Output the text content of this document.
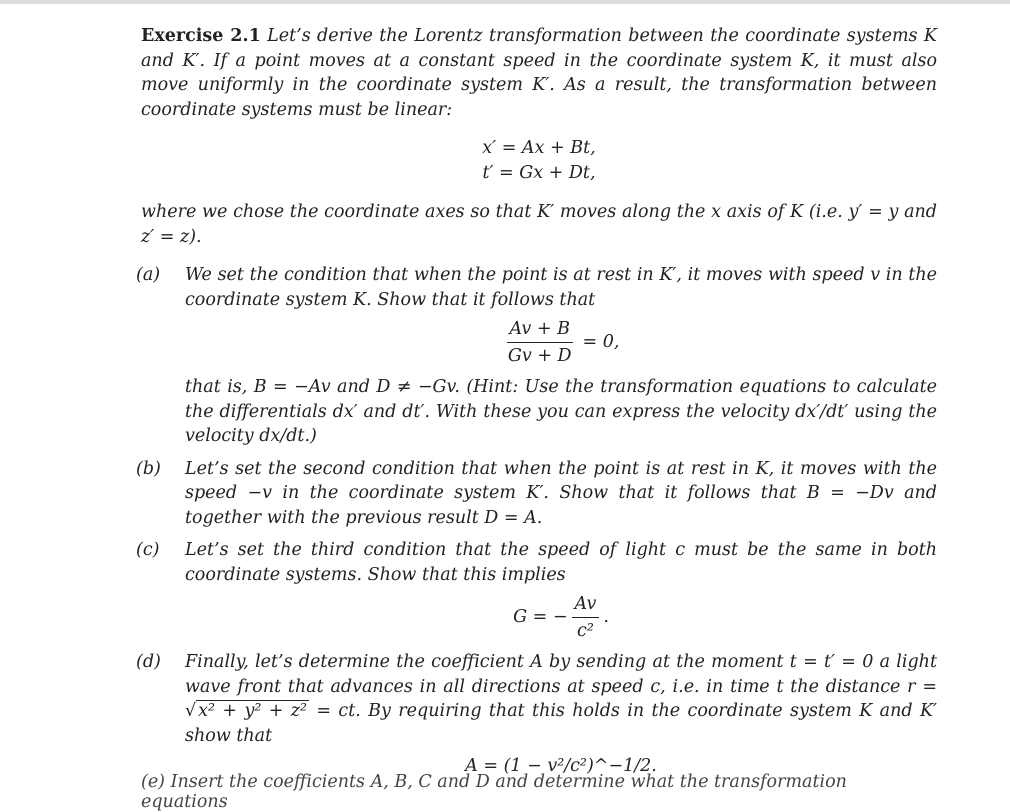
Exercise 2.1 Let’s derive the Lorentz transformation between the coordinate systems K and K′. If a point moves at a constant speed in the coordinate system K, it must also move uniformly in the coordinate system K′. As a result, the transformation between coordinate systems must be linear:
x′ = Ax + Bt,
t′ = Gx + Dt,
where we chose the coordinate axes so that K′ moves along the x axis of K (i.e. y′ = y and z′ = z).
(a) We set the condition that when the point is at rest in K′, it moves with speed v in the coordinate system K. Show that it follows that
$\frac{Av + B}{Gv + D} = 0$,
that is, B = −Av and D ≠ −Gv. (Hint: Use the transformation equations to calculate the differentials dx′ and dt′. With these you can express the velocity dx′/dt′ using the velocity dx/dt.)
(b) Let’s set the second condition that when the point is at rest in K, it moves with the speed −v in the coordinate system K′. Show that it follows that B = −Dv and together with the previous result D = A.
(c) Let’s set the third condition that the speed of light c must be the same in both coordinate systems. Show that this implies
G = − $\frac{Av}{\text{c²}}$ .
(d) Finally, let’s determine the coefficient A by sending at the moment t = t′ = 0 a light wave front that advances in all directions at speed c, i.e. in time t the distance r = √ x² + y² + z² = ct. By requiring that this holds in the coordinate system K and K′ show that
A = (1 − v²/c²)^−1/2.
(e) Insert the coefficients A, B, C and D and determine what the transformation equations
